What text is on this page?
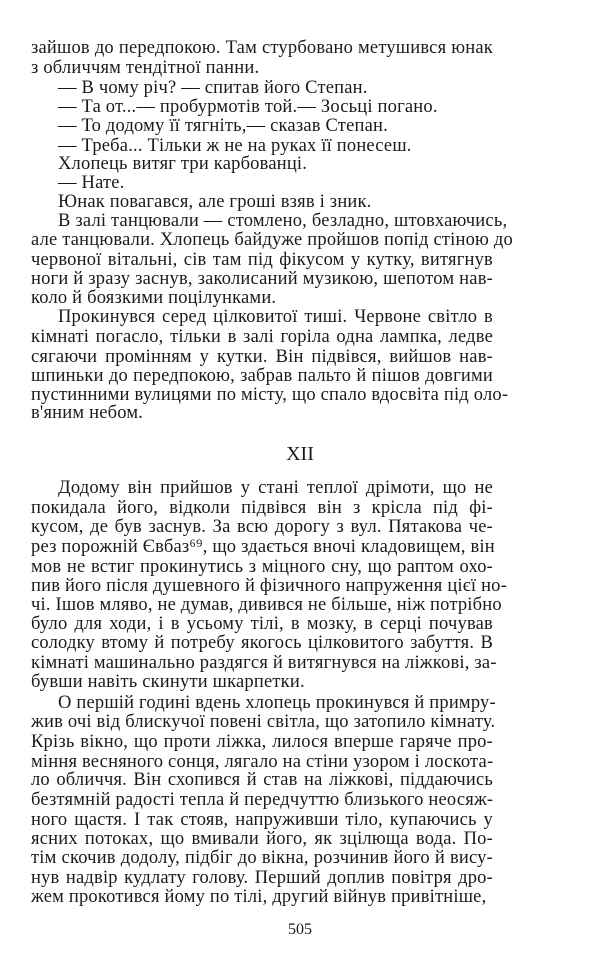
зайшов до передпокою. Там стурбовано метушився юнак
з обличчям тендітної панни.
— В чому річ? — спитав його Степан.
— Та от...— пробурмотів той.— Зосьці погано.
— То додому її тягніть,— сказав Степан.
— Треба... Тільки ж не на руках її понесеш.
Хлопець витяг три карбованці.
— Нате.
Юнак повагався, але гроші взяв і зник.
В залі танцювали — стомлено, безладно, штовхаючись,
але танцювали. Хлопець байдуже пройшов попід стіною до
червоної вітальні, сів там під фікусом у кутку, витягнув
ноги й зразу заснув, заколисаний музикою, шепотом нав-
коло й боязкими поцілунками.
Прокинувся серед цілковитої тиші. Червоне світло в
кімнаті погасло, тільки в залі горіла одна лампка, ледве
сягаючи промінням у кутки. Він підвівся, вийшов нав-
шпиньки до передпокою, забрав пальто й пішов довгими
пустинними вулицями по місту, що спало вдосвіта під оло-
в'яним небом.
XII
Додому він прийшов у стані теплої дрімоти, що не
покидала його, відколи підвівся він з крісла під фі-
кусом, де був заснув. За всю дорогу з вул. Пятакова че-
рез порожній Євбаз⁶⁹, що здається вночі кладовищем, він
мов не встиг прокинутись з міцного сну, що раптом охо-
пив його після душевного й фізичного напруження цієї но-
чі. Ішов мляво, не думав, дивився не більше, ніж потрібно
було для ходи, і в усьому тілі, в мозку, в серці почував
солодку втому й потребу якогось цілковитого забуття. В
кімнаті машинально раздягся й витягнувся на ліжкові, за-
бувши навіть скинути шкарпетки.
О першій годині вдень хлопець прокинувся й примру-
жив очі від блискучої повені світла, що затопило кімнату.
Крізь вікно, що проти ліжка, лилося вперше гаряче про-
міння весняного сонця, лягало на стіни узором і лоскота-
ло обличчя. Він схопився й став на ліжкові, піддаючись
безтямній радості тепла й передчуттю близького неосяж-
ного щастя. І так стояв, напруживши тіло, купаючись у
ясних потоках, що вмивали його, як зцілюща вода. По-
тім скочив додолу, підбіг до вікна, розчинив його й вису-
нув надвір кудлату голову. Перший доплив повітря дро-
жем прокотився йому по тілі, другий війнув привітніше,
505
